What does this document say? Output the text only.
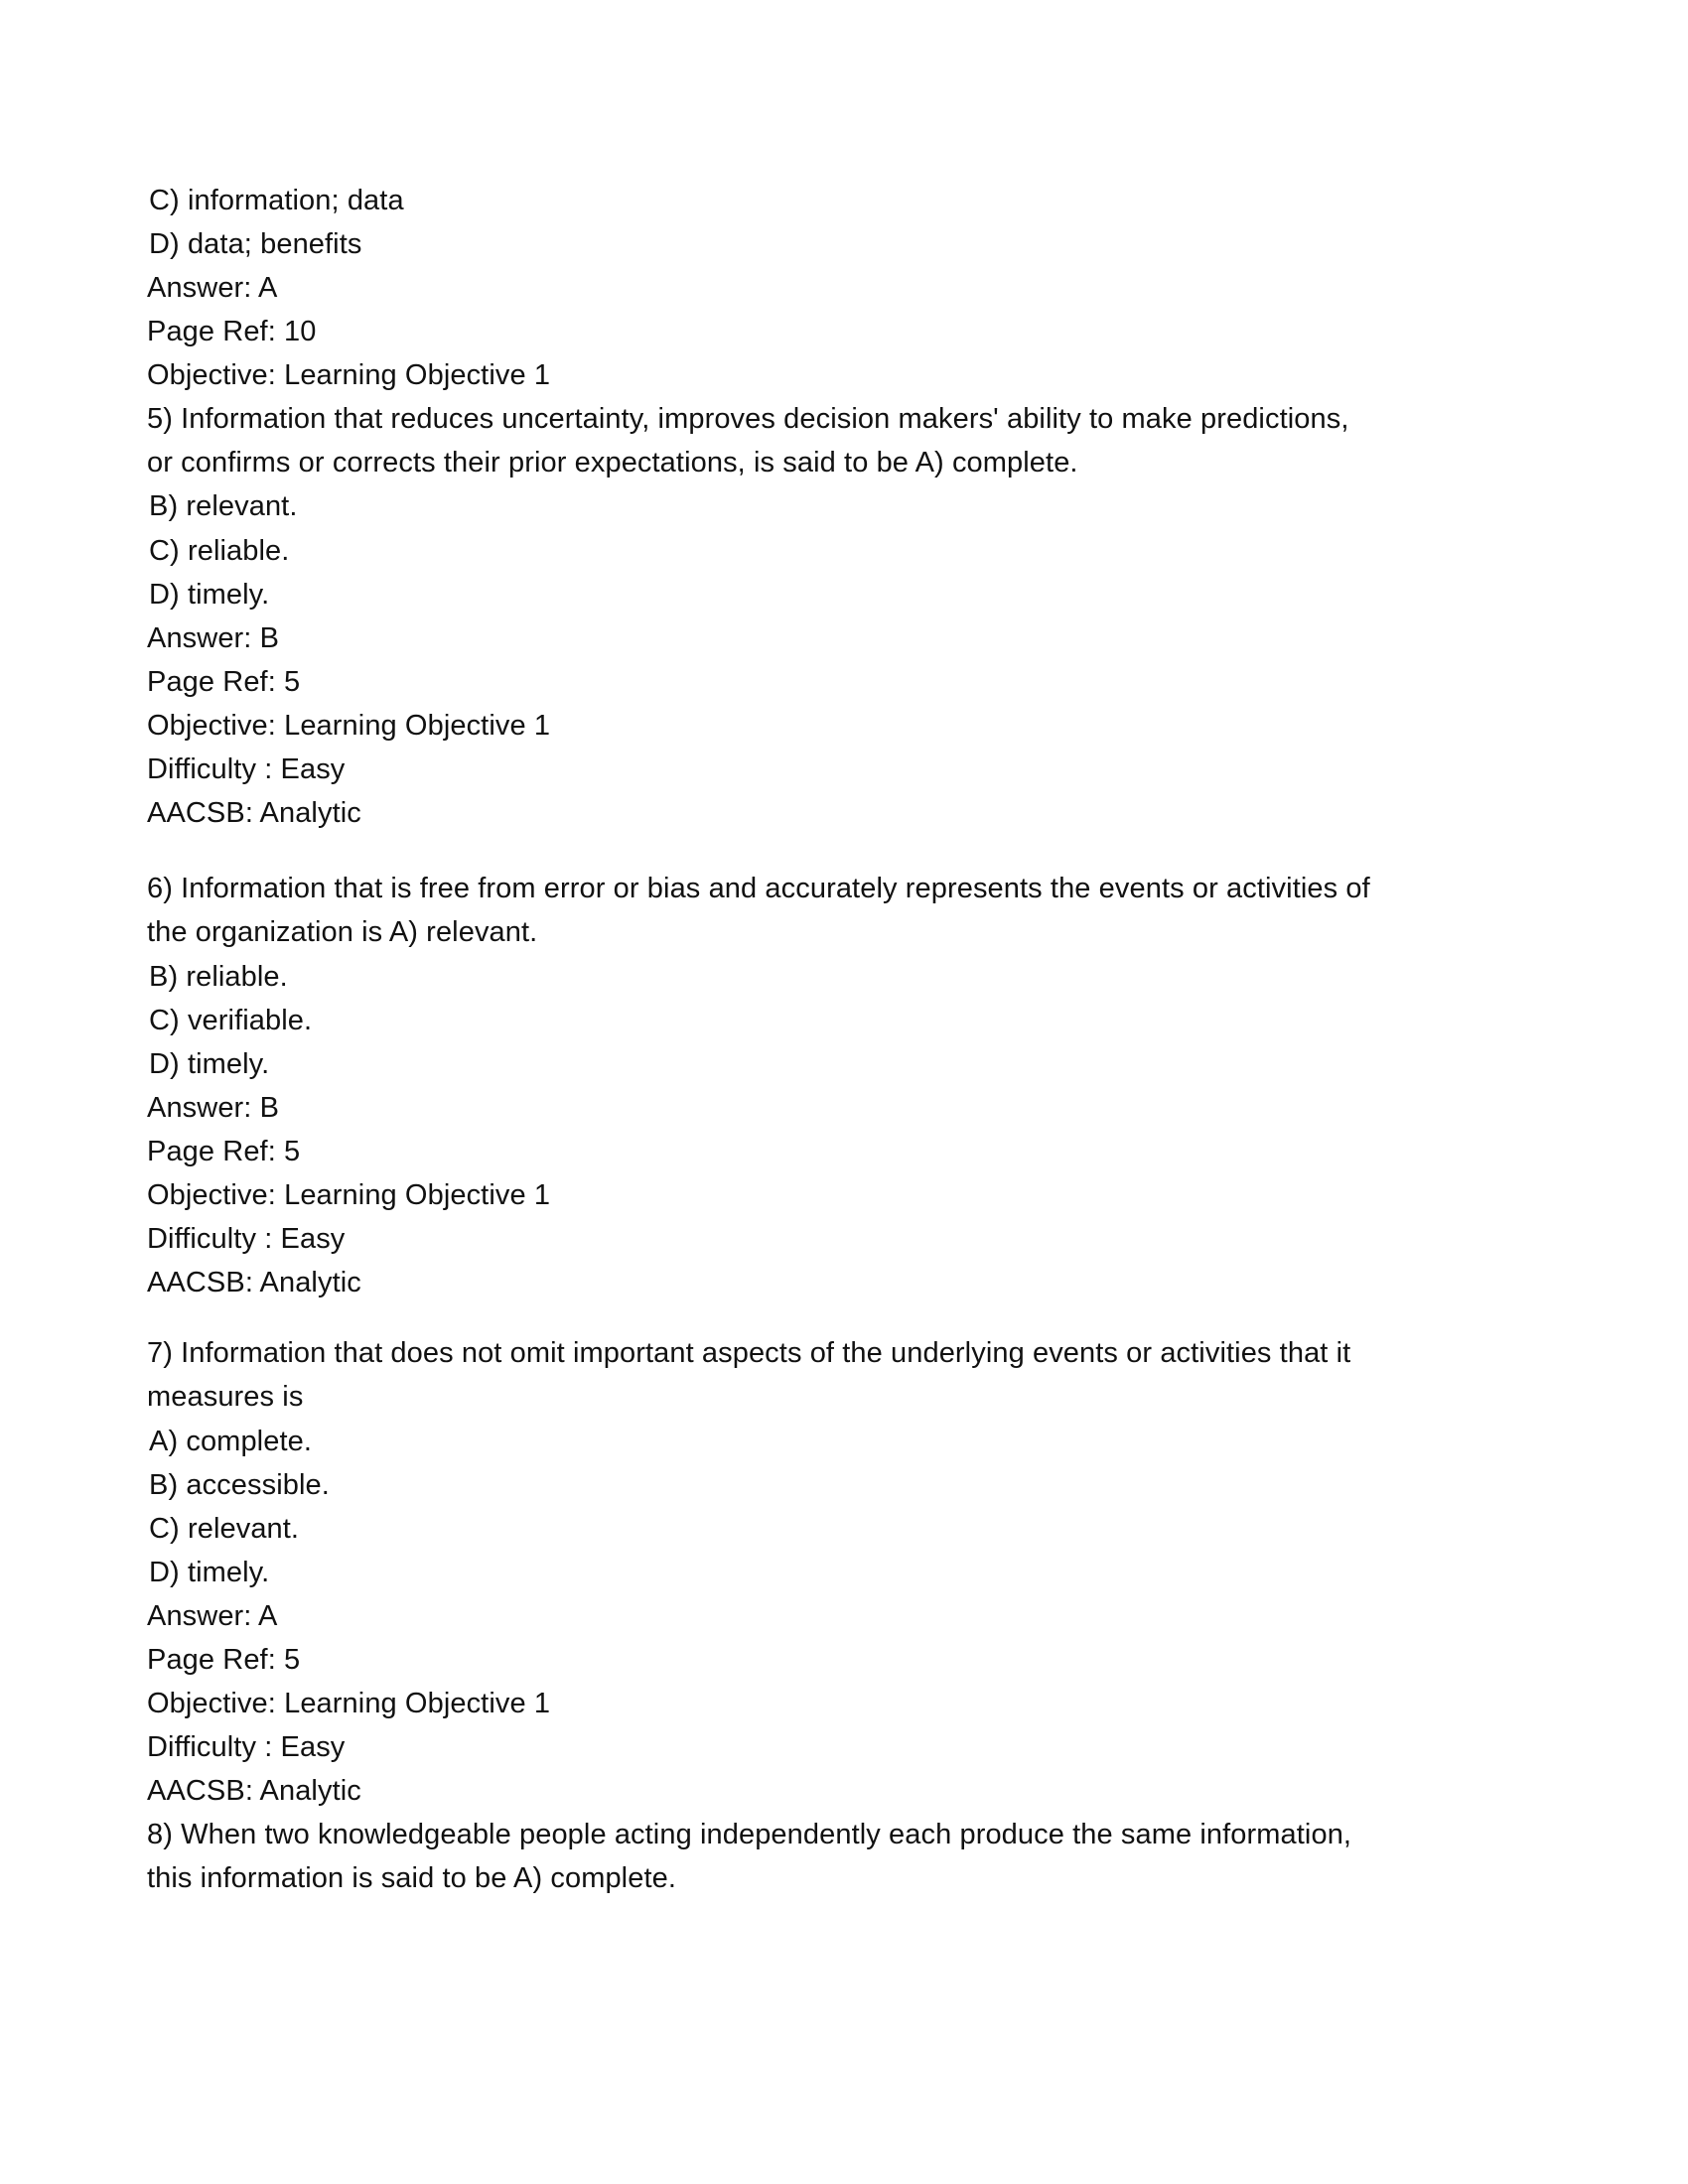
C) information; data
D) data; benefits
Answer: A
Page Ref: 10
Objective: Learning Objective 1
5) Information that reduces uncertainty, improves decision makers' ability to make predictions,
or confirms or corrects their prior expectations, is said to be A) complete.
B) relevant.
C) reliable.
D) timely.
Answer: B
Page Ref: 5
Objective: Learning Objective 1
Difficulty : Easy
AACSB: Analytic
6) Information that is free from error or bias and accurately represents the events or activities of
the organization is A) relevant.
B) reliable.
C) verifiable.
D) timely.
Answer: B
Page Ref: 5
Objective: Learning Objective 1
Difficulty : Easy
AACSB: Analytic
7) Information that does not omit important aspects of the underlying events or activities that it
measures is
A) complete.
B) accessible.
C) relevant.
D) timely.
Answer: A
Page Ref: 5
Objective: Learning Objective 1
Difficulty : Easy
AACSB: Analytic
8) When two knowledgeable people acting independently each produce the same information,
this information is said to be A) complete.
